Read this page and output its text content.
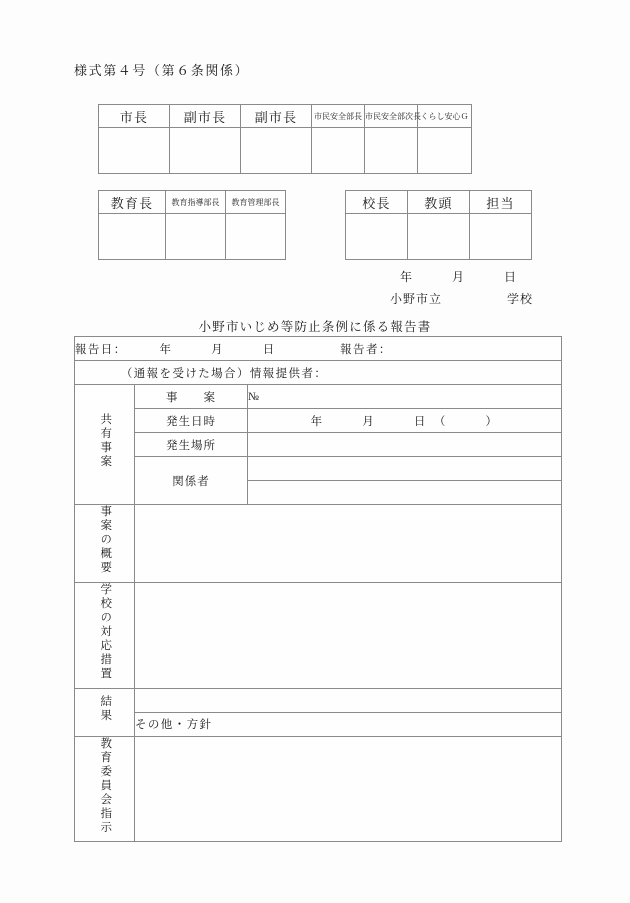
様式第４号（第６条関係）
市長	副市長	副市長	市民安全部長	市民安全部次長	くらし安心Ｇ

教育長	教育指導部長	教育管理部長
			校長	教頭	担当

年　　　月　　　日
小野市立　　　　　学校
小野市いじめ等防止条例に係る報告書
報告日：　　　年　　　月　　　日　　　　　報告者：		
　　　　（通報を受けた場合）情報提供者：		
共有事案	事　　案	№
	発生日時	年　　　月　　　日　（　　　）
	発生場所	
	関係者	

事案の概要		
学校の対応措置		
結果		
	その他・方針	
教育委員会指示		
